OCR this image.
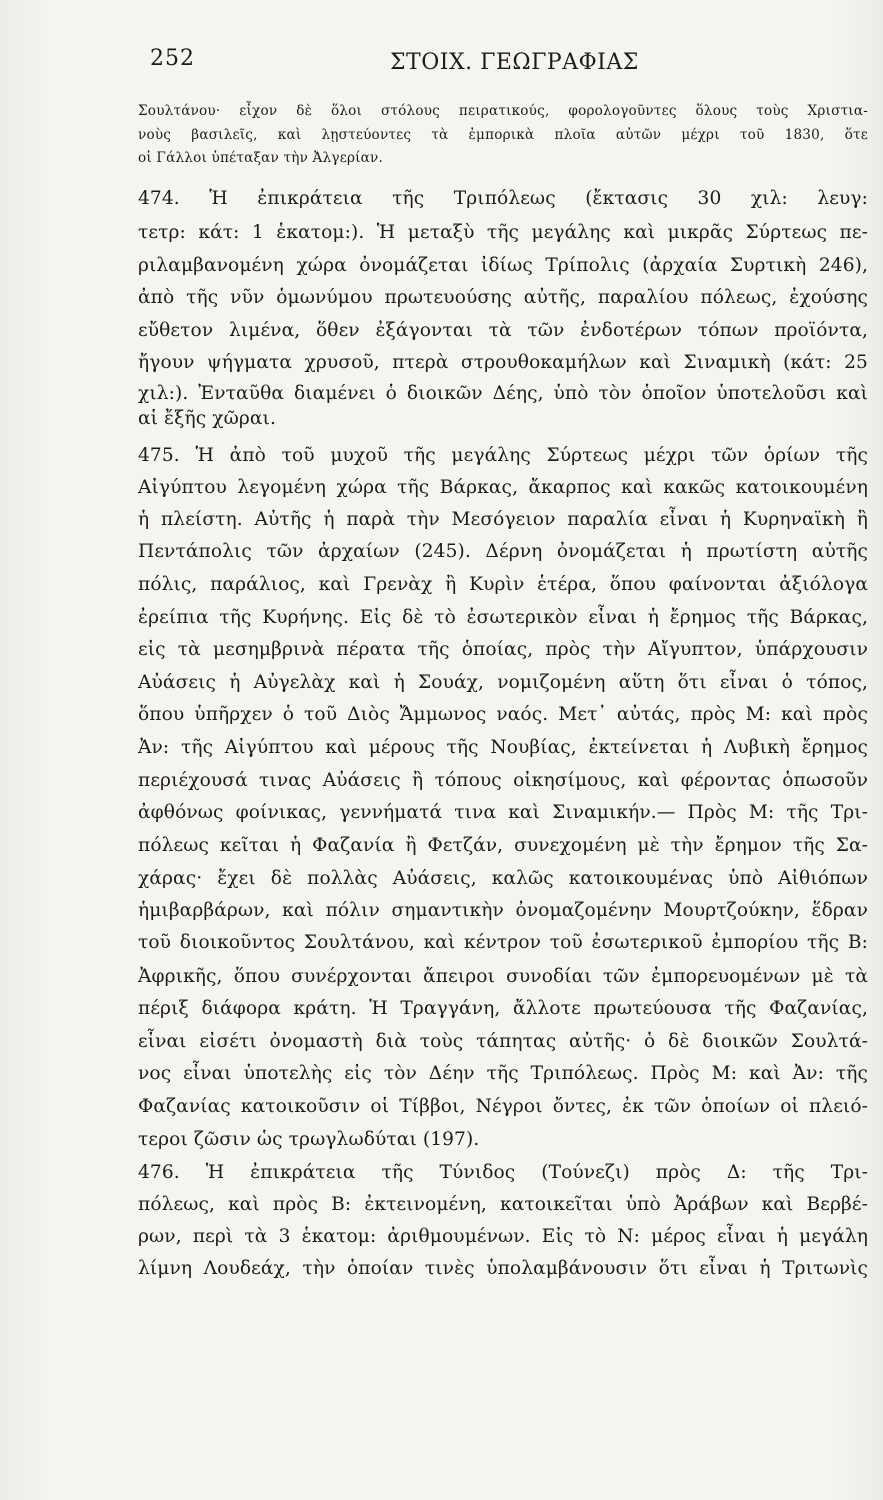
252	ΣΤΟΙΧ. ΓΕΩΓΡΑΦΙΑΣ
Σουλτάνου· εἶχον δὲ ὅλοι στόλους πειρατικούς, φορολογοῦντες ὅλους τοὺς Χριστια-
νοὺς βασιλεῖς, καὶ λῃστεύοντες τὰ ἐμπορικὰ πλοῖα αὐτῶν μέχρι τοῦ 1830, ὅτε
οἱ Γάλλοι ὑπέταξαν τὴν Ἀλγερίαν.
474. Ἡ ἐπικράτεια τῆς Τριπόλεως (ἔκτασις 30 χιλ: λευγ:
τετρ: κάτ: 1 ἑκατομ:). Ἡ μεταξὺ τῆς μεγάλης καὶ μικρᾶς Σύρτεως πε-
ριλαμβανομένη χώρα ὀνομάζεται ἰδίως Τρίπολις (ἀρχαία Συρτικὴ 246),
ἀπὸ τῆς νῦν ὁμωνύμου πρωτευούσης αὐτῆς, παραλίου πόλεως, ἐχούσης
εὔθετον λιμένα, ὅθεν ἐξάγονται τὰ τῶν ἐνδοτέρων τόπων προϊόντα,
ἤγουν ψήγματα χρυσοῦ, πτερὰ στρουθοκαμήλων καὶ Σιναμικὴ (κάτ: 25
χιλ:). Ἐνταῦθα διαμένει ὁ διοικῶν Δέης, ὑπὸ τὸν ὁποῖον ὑποτελοῦσι καὶ
αἱ ἔξῆς χῶραι.
475. Ἡ ἀπὸ τοῦ μυχοῦ τῆς μεγάλης Σύρτεως μέχρι τῶν ὁρίων τῆς
Αἰγύπτου λεγομένη χώρα τῆς Βάρκας, ἄκαρπος καὶ κακῶς κατοικουμένη
ἡ πλείστη. Αὐτῆς ἡ παρὰ τὴν Μεσόγειον παραλία εἶναι ἡ Κυρηναϊκὴ ἢ
Πεντάπολις τῶν ἀρχαίων (245). Δέρνη ὀνομάζεται ἡ πρωτίστη αὐτῆς
πόλις, παράλιος, καὶ Γρενὰχ ἢ Κυρὶν ἑτέρα, ὅπου φαίνονται ἀξιόλογα
ἐρείπια τῆς Κυρήνης. Εἰς δὲ τὸ ἐσωτερικὸν εἶναι ἡ ἔρημος τῆς Βάρκας,
εἰς τὰ μεσημβρινὰ πέρατα τῆς ὁποίας, πρὸς τὴν Αἴγυπτον, ὑπάρχουσιν
Αὐάσεις ἡ Αὐγελὰχ καὶ ἡ Σουάχ, νομιζομένη αὕτη ὅτι εἶναι ὁ τόπος,
ὅπου ὑπῆρχεν ὁ τοῦ Διὸς Ἄμμωνος ναός. Μετ᾽ αὐτάς, πρὸς Μ: καὶ πρὸς
Ἀν: τῆς Αἰγύπτου καὶ μέρους τῆς Νουβίας, ἐκτείνεται ἡ Λυβικὴ ἔρημος
περιέχουσά τινας Αὐάσεις ἢ τόπους οἰκησίμους, καὶ φέροντας ὁπωσοῦν
ἀφθόνως φοίνικας, γεννήματά τινα καὶ Σιναμικήν.— Πρὸς Μ: τῆς Τρι-
πόλεως κεῖται ἡ Φαζανία ἢ Φετζάν, συνεχομένη μὲ τὴν ἔρημον τῆς Σα-
χάρας· ἔχει δὲ πολλὰς Αὐάσεις, καλῶς κατοικουμένας ὑπὸ Αἰθιόπων
ἡμιβαρβάρων, καὶ πόλιν σημαντικὴν ὀνομαζομένην Μουρτζούκην, ἕδραν
τοῦ διοικοῦντος Σουλτάνου, καὶ κέντρον τοῦ ἐσωτερικοῦ ἐμπορίου τῆς Β:
Ἀφρικῆς, ὅπου συνέρχονται ἄπειροι συνοδίαι τῶν ἐμπορευομένων μὲ τὰ
πέριξ διάφορα κράτη. Ἡ Τραγγάνη, ἄλλοτε πρωτεύουσα τῆς Φαζανίας,
εἶναι εἰσέτι ὀνομαστὴ διὰ τοὺς τάπητας αὐτῆς· ὁ δὲ διοικῶν Σουλτά-
νος εἶναι ὑποτελὴς εἰς τὸν Δέην τῆς Τριπόλεως. Πρὸς Μ: καὶ Ἀν: τῆς
Φαζανίας κατοικοῦσιν οἱ Τίββοι, Νέγροι ὄντες, ἐκ τῶν ὁποίων οἱ πλειό-
τεροι ζῶσιν ὡς τρωγλωδύται (197).
476. Ἡ ἐπικράτεια τῆς Τύνιδος (Τούνεζι) πρὸς Δ: τῆς Τρι-
πόλεως, καὶ πρὸς Β: ἐκτεινομένη, κατοικεῖται ὑπὸ Ἀράβων καὶ Βερβέ-
ρων, περὶ τὰ 3 ἑκατομ: ἀριθμουμένων. Εἰς τὸ Ν: μέρος εἶναι ἡ μεγάλη
λίμνη Λουδεάχ, τὴν ὁποίαν τινὲς ὑπολαμβάνουσιν ὅτι εἶναι ἡ Τριτωνὶς
